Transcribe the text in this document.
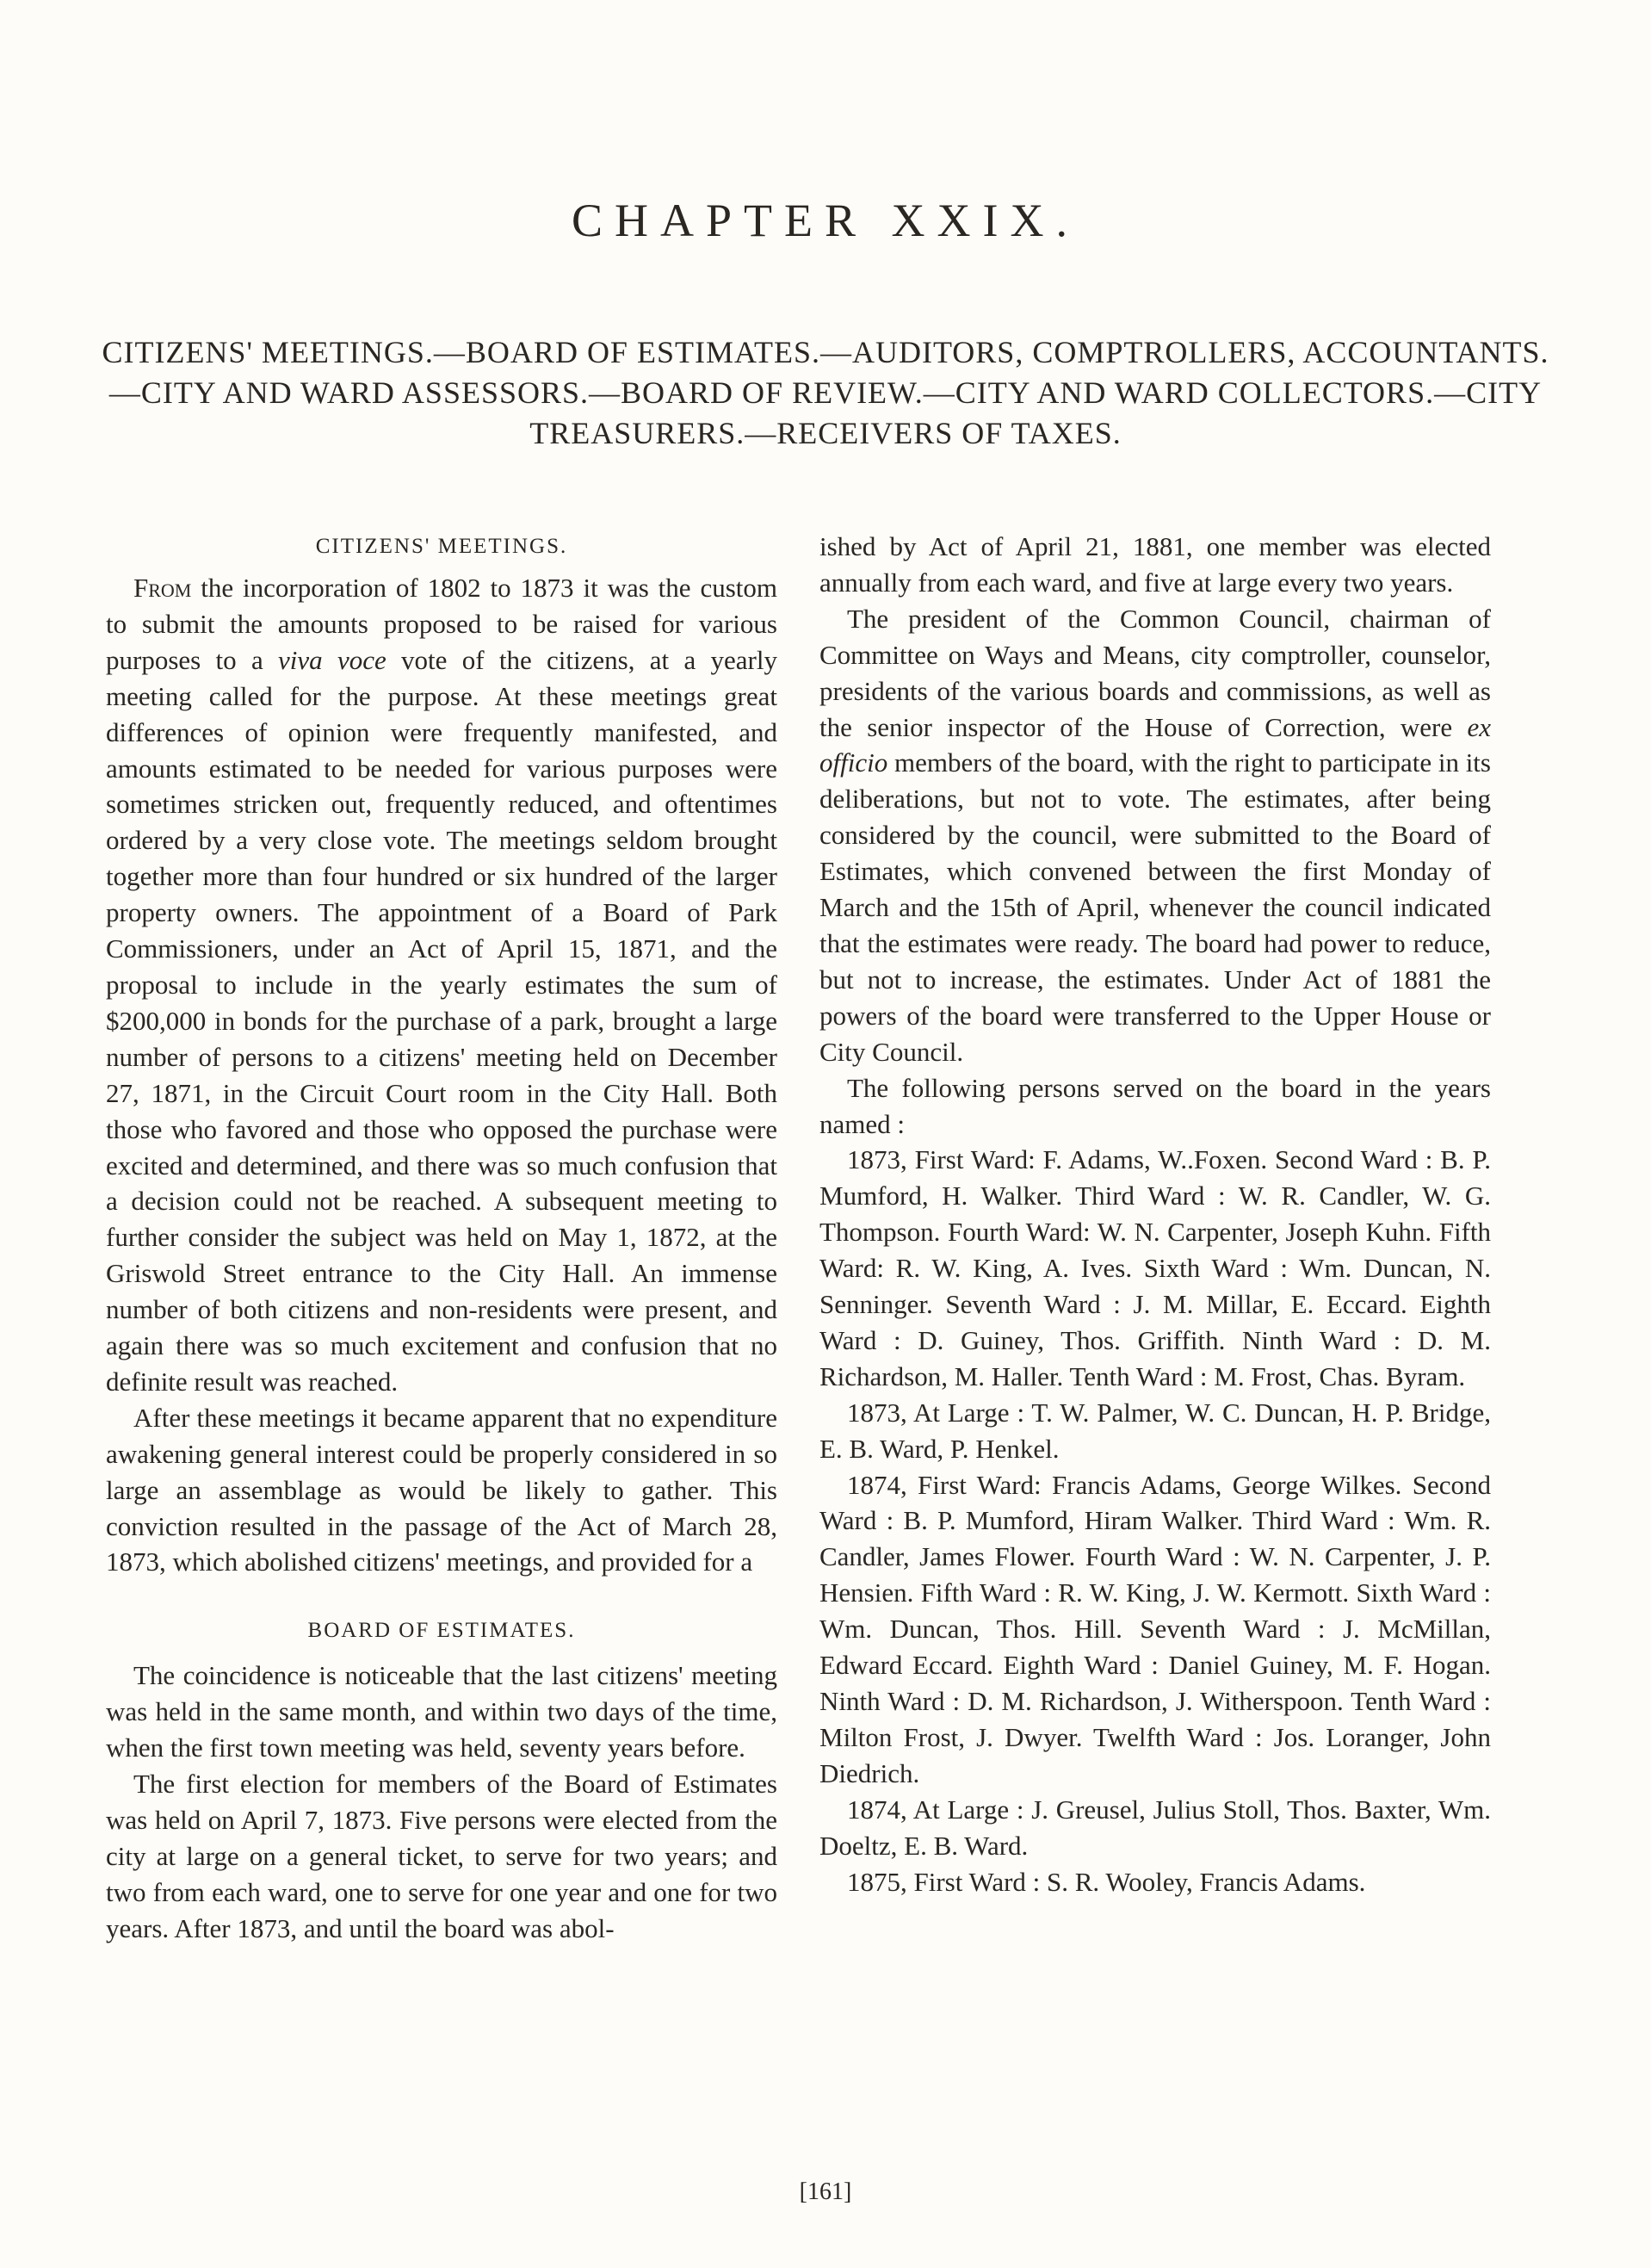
CHAPTER XXIX.
CITIZENS' MEETINGS.—BOARD OF ESTIMATES.—AUDITORS, COMPTROLLERS, ACCOUNTANTS.—CITY AND WARD ASSESSORS.—BOARD OF REVIEW.—CITY AND WARD COLLECTORS.—CITY TREASURERS.—RECEIVERS OF TAXES.
CITIZENS' MEETINGS.

From the incorporation of 1802 to 1873 it was the custom to submit the amounts proposed to be raised for various purposes to a viva voce vote of the citizens, at a yearly meeting called for the purpose. At these meetings great differences of opinion were frequently manifested, and amounts estimated to be needed for various purposes were sometimes stricken out, frequently reduced, and oftentimes ordered by a very close vote. The meetings seldom brought together more than four hundred or six hundred of the larger property owners. The appointment of a Board of Park Commissioners, under an Act of April 15, 1871, and the proposal to include in the yearly estimates the sum of $200,000 in bonds for the purchase of a park, brought a large number of persons to a citizens' meeting held on December 27, 1871, in the Circuit Court room in the City Hall. Both those who favored and those who opposed the purchase were excited and determined, and there was so much confusion that a decision could not be reached. A subsequent meeting to further consider the subject was held on May 1, 1872, at the Griswold Street entrance to the City Hall. An immense number of both citizens and non-residents were present, and again there was so much excitement and confusion that no definite result was reached.

After these meetings it became apparent that no expenditure awakening general interest could be properly considered in so large an assemblage as would be likely to gather. This conviction resulted in the passage of the Act of March 28, 1873, which abolished citizens' meetings, and provided for a

BOARD OF ESTIMATES.

The coincidence is noticeable that the last citizens' meeting was held in the same month, and within two days of the time, when the first town meeting was held, seventy years before.

The first election for members of the Board of Estimates was held on April 7, 1873. Five persons were elected from the city at large on a general ticket, to serve for two years; and two from each ward, one to serve for one year and one for two years. After 1873, and until the board was abol-

ished by Act of April 21, 1881, one member was elected annually from each ward, and five at large every two years.

The president of the Common Council, chairman of Committee on Ways and Means, city comptroller, counselor, presidents of the various boards and commissions, as well as the senior inspector of the House of Correction, were ex officio members of the board, with the right to participate in its deliberations, but not to vote. The estimates, after being considered by the council, were submitted to the Board of Estimates, which convened between the first Monday of March and the 15th of April, whenever the council indicated that the estimates were ready. The board had power to reduce, but not to increase, the estimates. Under Act of 1881 the powers of the board were transferred to the Upper House or City Council.

The following persons served on the board in the years named :

1873, First Ward: F. Adams, W..Foxen. Second Ward : B. P. Mumford, H. Walker. Third Ward : W. R. Candler, W. G. Thompson. Fourth Ward: W. N. Carpenter, Joseph Kuhn. Fifth Ward: R. W. King, A. Ives. Sixth Ward : Wm. Duncan, N. Senninger. Seventh Ward : J. M. Millar, E. Eccard. Eighth Ward : D. Guiney, Thos. Griffith. Ninth Ward : D. M. Richardson, M. Haller. Tenth Ward : M. Frost, Chas. Byram.

1873, At Large : T. W. Palmer, W. C. Duncan, H. P. Bridge, E. B. Ward, P. Henkel.

1874, First Ward: Francis Adams, George Wilkes. Second Ward : B. P. Mumford, Hiram Walker. Third Ward : Wm. R. Candler, James Flower. Fourth Ward : W. N. Carpenter, J. P. Hensien. Fifth Ward : R. W. King, J. W. Kermott. Sixth Ward : Wm. Duncan, Thos. Hill. Seventh Ward : J. McMillan, Edward Eccard. Eighth Ward : Daniel Guiney, M. F. Hogan. Ninth Ward : D. M. Richardson, J. Witherspoon. Tenth Ward : Milton Frost, J. Dwyer. Twelfth Ward : Jos. Loranger, John Diedrich.

1874, At Large : J. Greusel, Julius Stoll, Thos. Baxter, Wm. Doeltz, E. B. Ward.

1875, First Ward : S. R. Wooley, Francis Adams.

[161]
